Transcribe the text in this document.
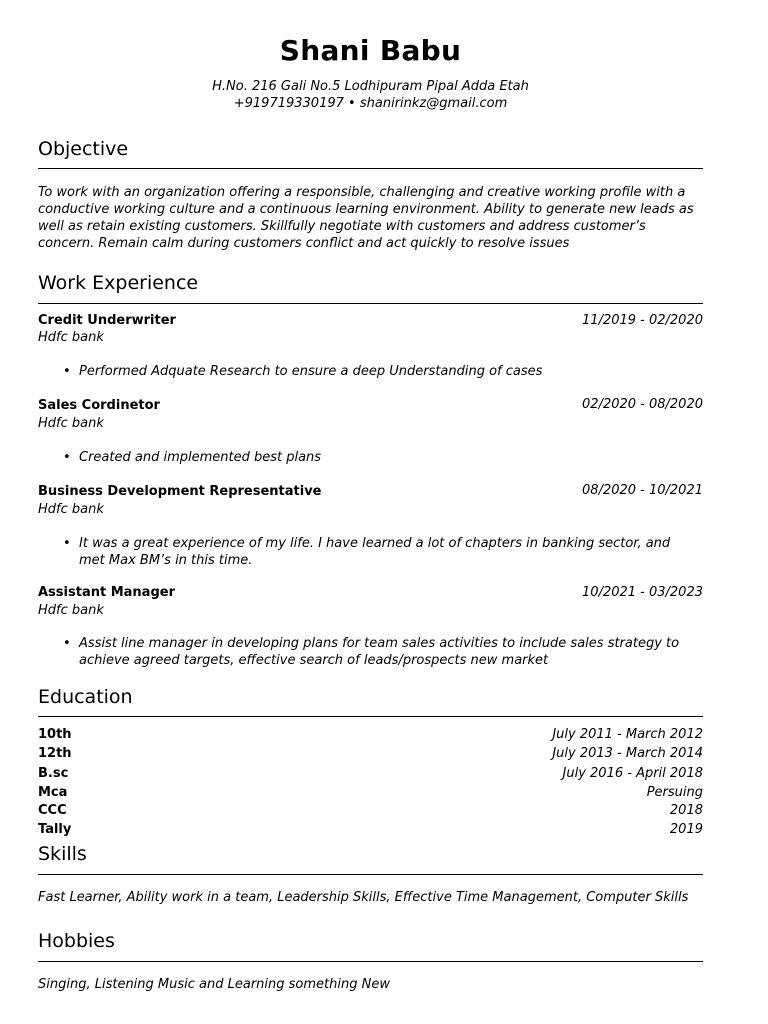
Shani Babu
H.No. 216 Gali No.5 Lodhipuram Pipal Adda Etah
+919719330197 • shanirinkz@gmail.com
Objective
To work with an organization offering a responsible, challenging and creative working profile with a conductive working culture and a continuous learning environment. Ability to generate new leads as well as retain existing customers. Skillfully negotiate with customers and address customer’s concern. Remain calm during customers conflict and act quickly to resolve issues
Work Experience
Credit Underwriter	11/2019 - 02/2020
Hdfc bank
• Performed Adquate Research to ensure a deep Understanding of cases
Sales Cordinetor	02/2020 - 08/2020
Hdfc bank
• Created and implemented best plans
Business Development Representative	08/2020 - 10/2021
Hdfc bank
• It was a great experience of my life. I have learned a lot of chapters in banking sector, and met Max BM’s in this time.
Assistant Manager	10/2021 - 03/2023
Hdfc bank
• Assist line manager in developing plans for team sales activities to include sales strategy to achieve agreed targets, effective search of leads/prospects new market
Education
10th	July 2011 - March 2012
12th	July 2013 - March 2014
B.sc	July 2016 - April 2018
Mca	Persuing
CCC	2018
Tally	2019
Skills
Fast Learner, Ability work in a team, Leadership Skills, Effective Time Management, Computer Skills
Hobbies
Singing, Listening Music and Learning something New
